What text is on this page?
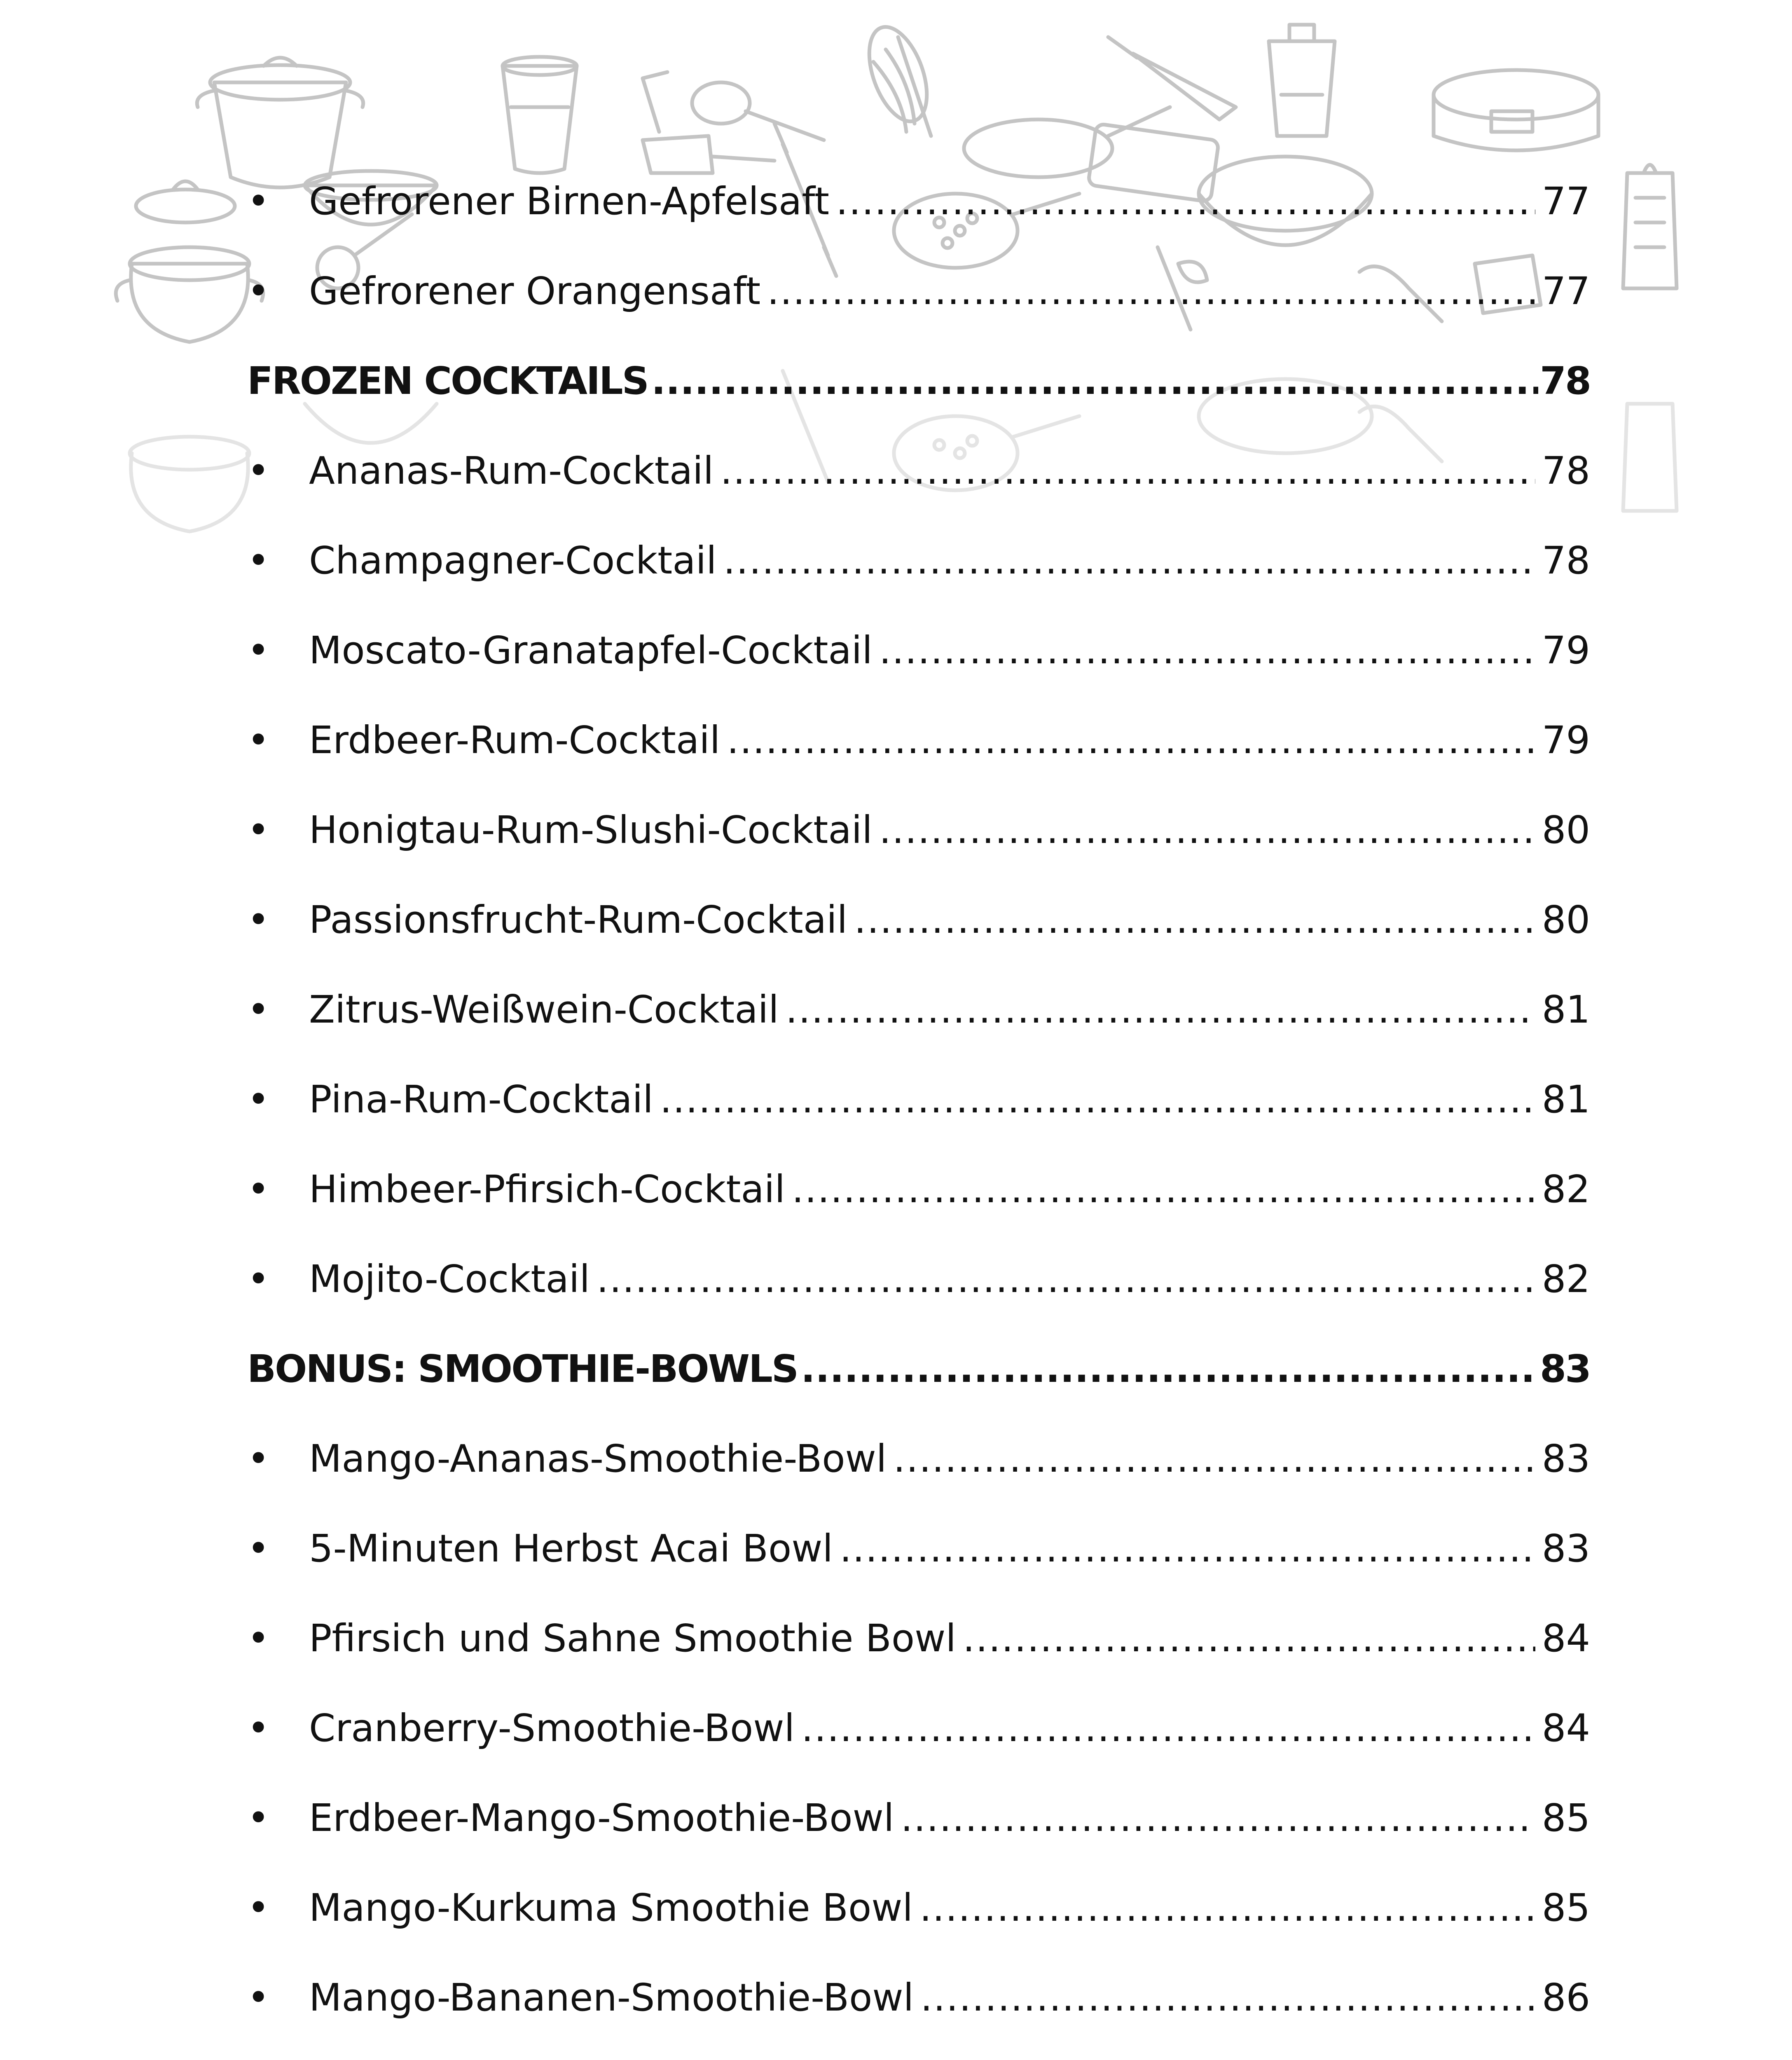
•	Gefrorener Birnen-Apfelsaft .....	77
•	Gefrorener Orangensaft .....	77
FROZEN COCKTAILS .....	78
•	Ananas-Rum-Cocktail .....	78
•	Champagner-Cocktail .....	78
•	Moscato-Granatapfel-Cocktail .....	79
•	Erdbeer-Rum-Cocktail .....	79
•	Honigtau-Rum-Slushi-Cocktail .....	80
•	Passionsfrucht-Rum-Cocktail .....	80
•	Zitrus-Weißwein-Cocktail .....	81
•	Pina-Rum-Cocktail .....	81
•	Himbeer-Pfirsich-Cocktail .....	82
•	Mojito-Cocktail .....	82
BONUS: SMOOTHIE-BOWLS .....	83
•	Mango-Ananas-Smoothie-Bowl .....	83
•	5-Minuten Herbst Acai Bowl .....	83
•	Pfirsich und Sahne Smoothie Bowl .....	84
•	Cranberry-Smoothie-Bowl .....	84
•	Erdbeer-Mango-Smoothie-Bowl .....	85
•	Mango-Kurkuma Smoothie Bowl .....	85
•	Mango-Bananen-Smoothie-Bowl .....	86
